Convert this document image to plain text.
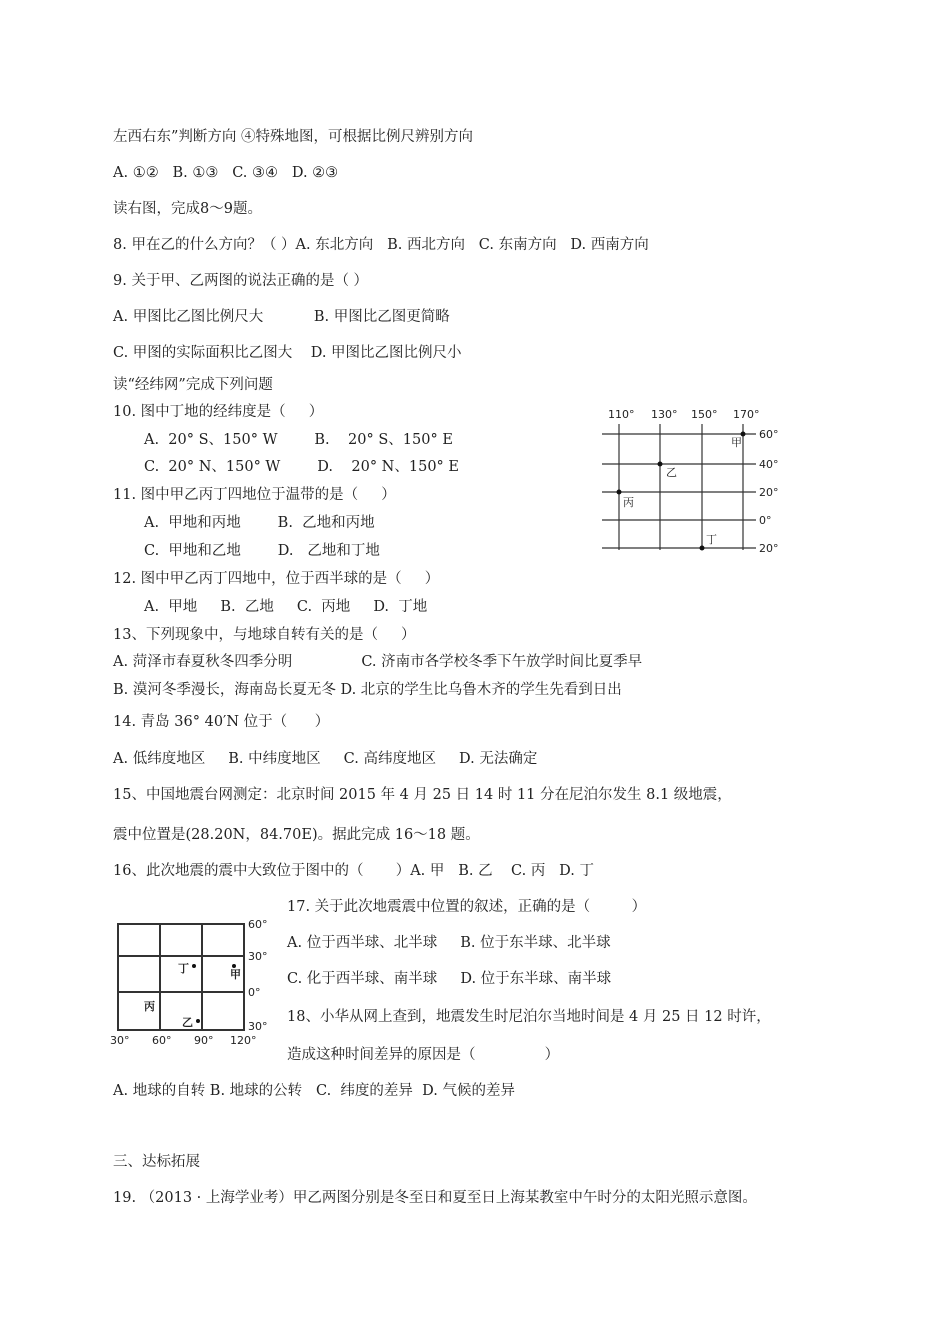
左西右东”判断方向 ④特殊地图，可根据比例尺辨别方向
A. ①②   B. ①③   C. ③④   D. ②③
读右图，完成8～9题。
8. 甲在乙的什么方向？（ ）A. 东北方向   B. 西北方向   C. 东南方向   D. 西南方向
9. 关于甲、乙两图的说法正确的是（ ）
A. 甲图比乙图比例尺大           B. 甲图比乙图更简略
C. 甲图的实际面积比乙图大    D. 甲图比乙图比例尺小
读“经纬网”完成下列问题
10. 图中丁地的经纬度是（     ）
A.  20° S、150° W        B.    20° S、150° E
C.  20° N、150° W        D.    20° N、150° E
11. 图中甲乙丙丁四地位于温带的是（     ）
A.  甲地和丙地        B.  乙地和丙地
C.  甲地和乙地        D.   乙地和丁地
12. 图中甲乙丙丁四地中，位于西半球的是（     ）
A.  甲地     B.  乙地     C.  丙地     D.  丁地
13、下列现象中，与地球自转有关的是（     ）
A. 菏泽市春夏秋冬四季分明               C. 济南市各学校冬季下午放学时间比夏季早
B. 漠河冬季漫长，海南岛长夏无冬 D. 北京的学生比乌鲁木齐的学生先看到日出
14. 青岛 36° 40′N 位于（      ）
A. 低纬度地区     B. 中纬度地区     C. 高纬度地区     D. 无法确定
15、中国地震台网测定：北京时间 2015 年 4 月 25 日 14 时 11 分在尼泊尔发生 8.1 级地震，
震中位置是(28.20N，84.70E)。据此完成 16～18 题。
16、此次地震的震中大致位于图中的（       ）A. 甲   B. 乙    C. 丙   D. 丁
17. 关于此次地震震中位置的叙述，正确的是（         ）
A. 位于西半球、北半球     B. 位于东半球、北半球
C. 化于西半球、南半球     D. 位于东半球、南半球
18、小华从网上查到，地震发生时尼泊尔当地时间是 4 月 25 日 12 时许，
造成这种时间差异的原因是（               ）
A. 地球的自转 B. 地球的公转   C.  纬度的差异  D. 气候的差异
三、达标拓展
19. （2013 · 上海学业考）甲乙两图分别是冬至日和夏至日上海某教室中午时分的太阳光照示意图。
110° 130° 150° 170°
60°
40°
20°
0°
20°
甲
乙
丙
丁
60°
30°
0°
30°
30° 60° 90° 120°
丁	甲
丙
乙
